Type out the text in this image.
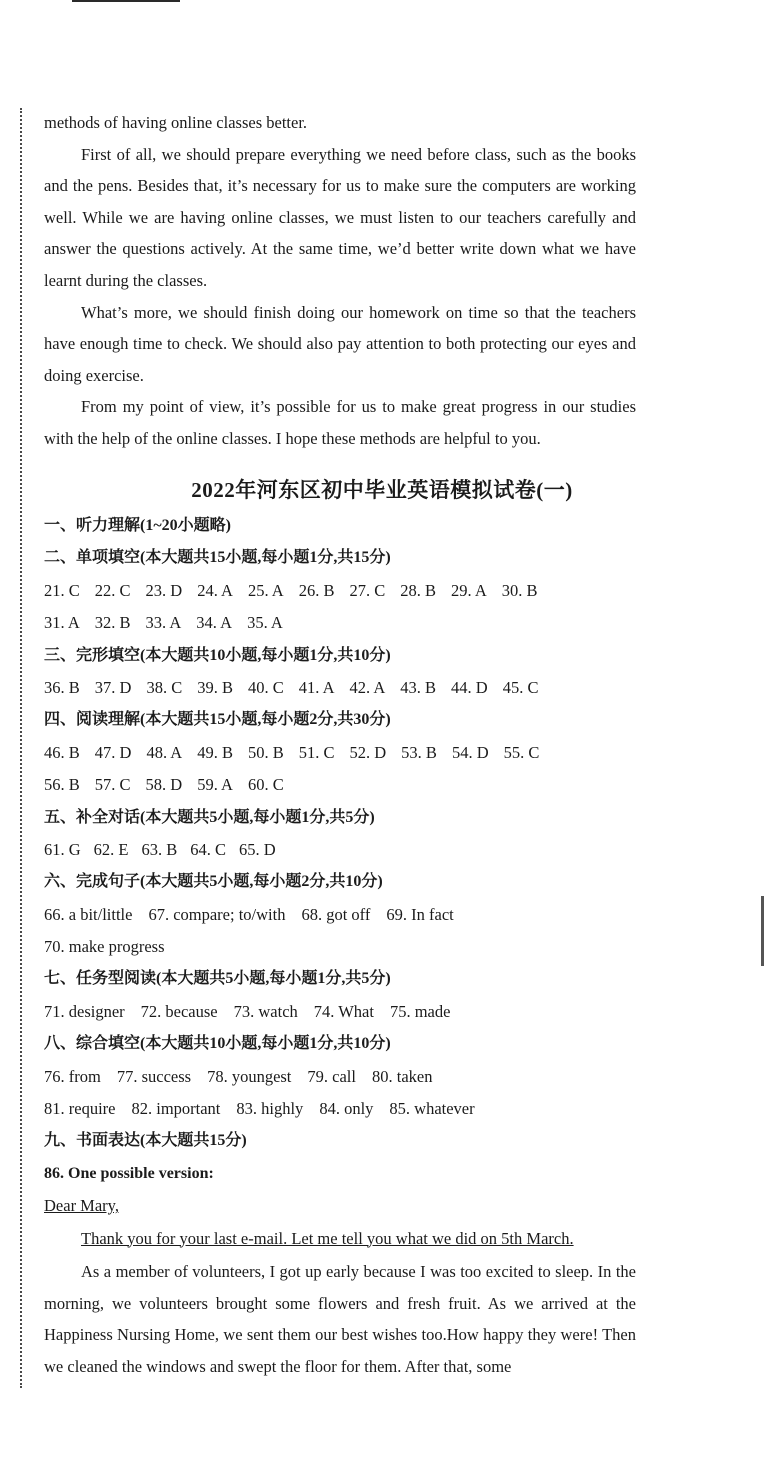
methods of having online classes better.

First of all, we should prepare everything we need before class, such as the books and the pens. Besides that, it’s necessary for us to make sure the computers are working well. While we are having online classes, we must listen to our teachers carefully and answer the questions actively. At the same time, we’d better write down what we have learnt during the classes.

What’s more, we should finish doing our homework on time so that the teachers have enough time to check. We should also pay attention to both protecting our eyes and doing exercise.

From my point of view, it’s possible for us to make great progress in our studies with the help of the online classes. I hope these methods are helpful to you.

2022年河东区初中毕业英语模拟试卷(一)
一、听力理解(1~20小题略)
二、单项填空(本大题共15小题,每小题1分,共15分)
21. C 22. C 23. D 24. A 25. A 26. B 27. C 28. B 29. A 30. B
31. A 32. B 33. A 34. A 35. A
三、完形填空(本大题共10小题,每小题1分,共10分)
36. B 37. D 38. C 39. B 40. C 41. A 42. A 43. B 44. D 45. C
四、阅读理解(本大题共15小题,每小题2分,共30分)
46. B 47. D 48. A 49. B 50. B 51. C 52. D 53. B 54. D 55. C
56. B 57. C 58. D 59. A 60. C
五、补全对话(本大题共5小题,每小题1分,共5分)
61. G 62. E 63. B 64. C 65. D
六、完成句子(本大题共5小题,每小题2分,共10分)
66. a bit/little 67. compare; to/with 68. got off 69. In fact
70. make progress
七、任务型阅读(本大题共5小题,每小题1分,共5分)
71. designer 72. because 73. watch 74. What 75. made
八、综合填空(本大题共10小题,每小题1分,共10分)
76. from 77. success 78. youngest 79. call 80. taken
81. require 82. important 83. highly 84. only 85. whatever
九、书面表达(本大题共15分)
86. One possible version:
Dear Mary,
Thank you for your last e-mail. Let me tell you what we did on 5th March.

As a member of volunteers, I got up early because I was too excited to sleep. In the morning, we volunteers brought some flowers and fresh fruit. As we arrived at the Happiness Nursing Home, we sent them our best wishes too.How happy they were! Then we cleaned the windows and swept the floor for them. After that, some
